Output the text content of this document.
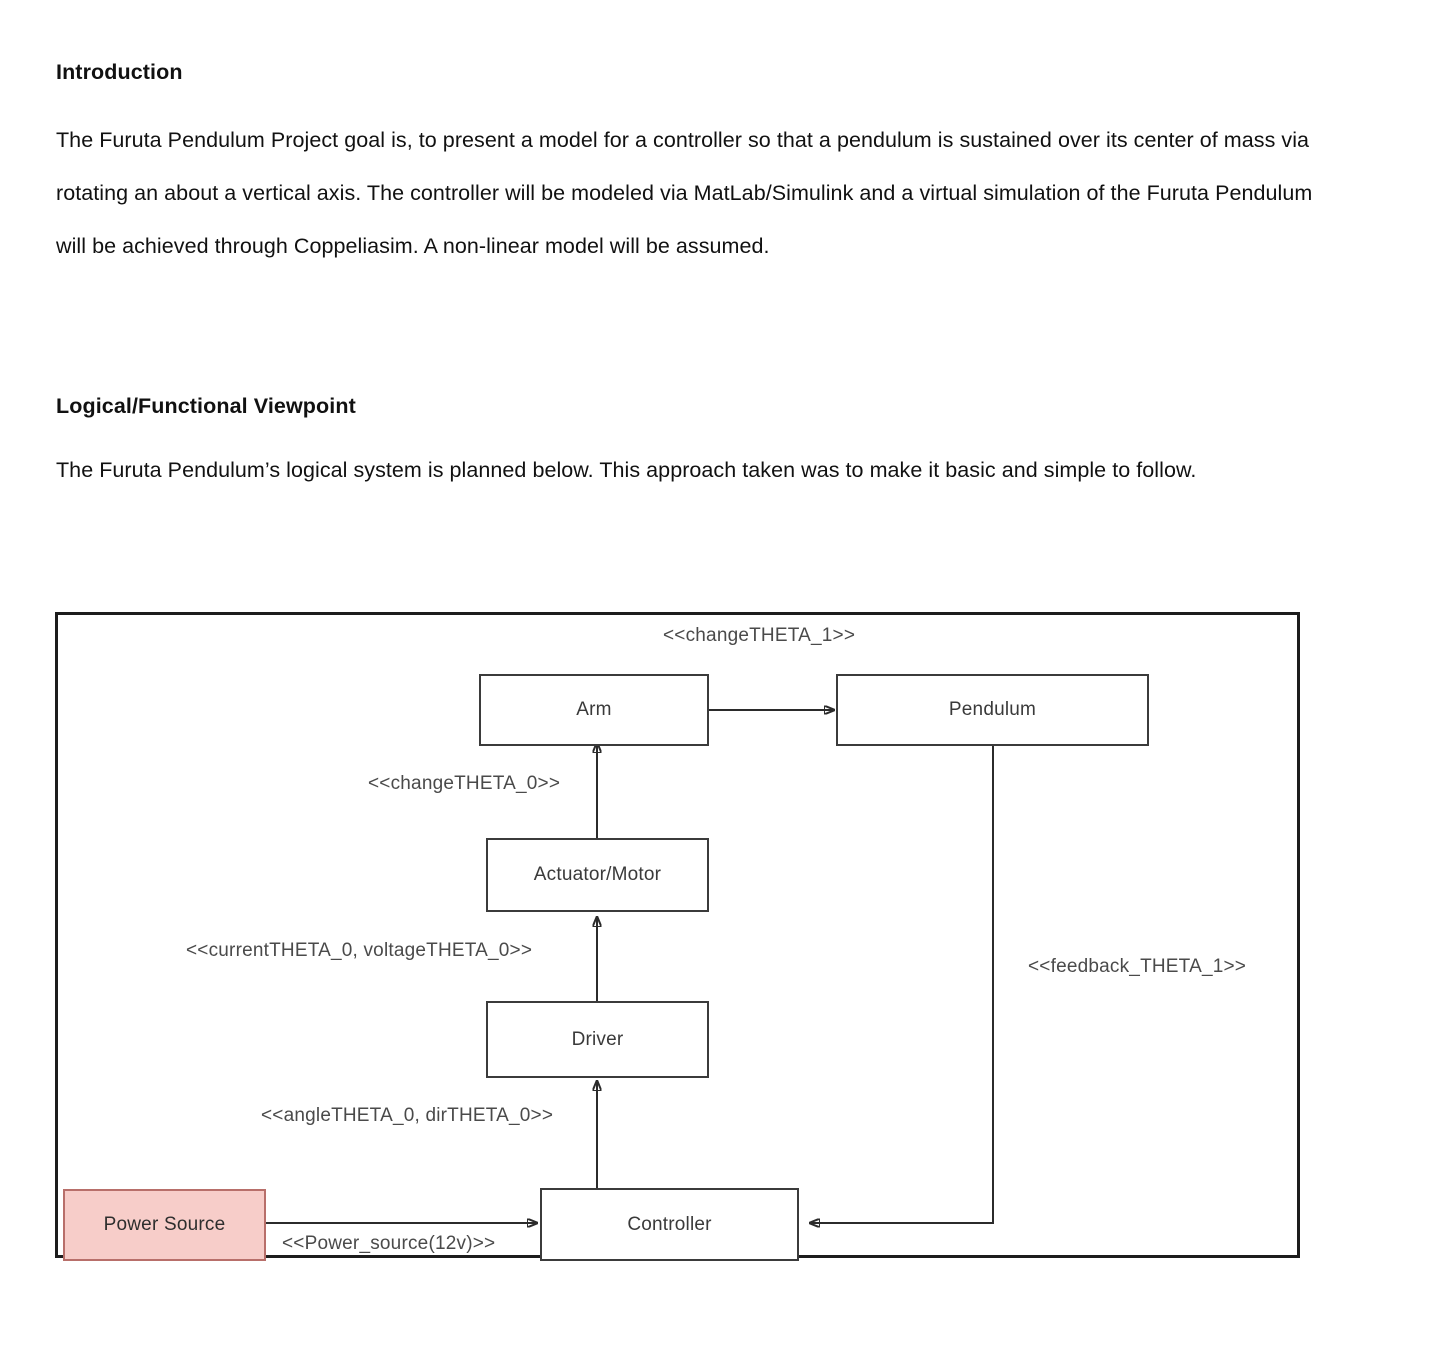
Introduction

The Furuta Pendulum Project goal is, to present a model for a controller so that a pendulum is sustained over its center of mass via rotating an about a vertical axis. The controller will be modeled via MatLab/Simulink and a virtual simulation of the Furuta Pendulum will be achieved through Coppeliasim. A non-linear model will be assumed.

Logical/Functional Viewpoint

The Furuta Pendulum’s logical system is planned below. This approach taken was to make it basic and simple to follow.

Arm	Pendulum
Actuator/Motor
Driver
Controller
Power Source
<<changeTHETA_1>>
<<changeTHETA_0>>
<<currentTHETA_0, voltageTHETA_0>>
<<angleTHETA_0, dirTHETA_0>>
<<Power_source(12v)>>
<<feedback_THETA_1>>
